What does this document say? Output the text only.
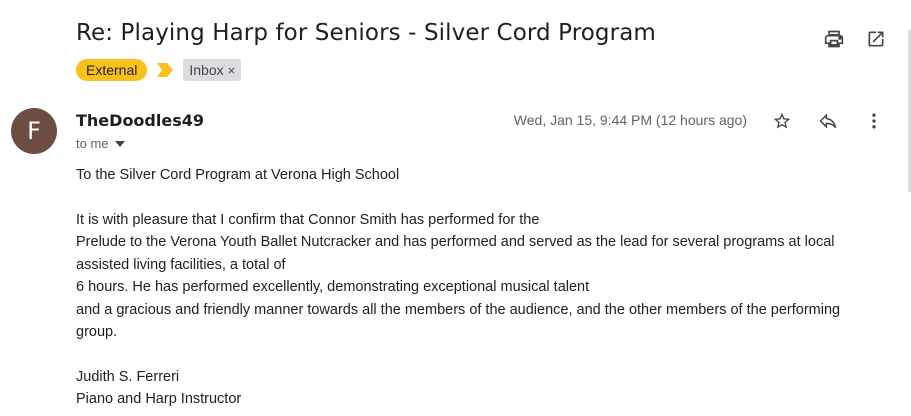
Re: Playing Harp for Seniors - Silver Cord Program
External	Inbox ×
F	TheDoodles49
to me
Wed, Jan 15, 9:44 PM (12 hours ago)

To the Silver Cord Program at Verona High School

It is with pleasure that I confirm that Connor Smith has performed for the

Prelude to the Verona Youth Ballet Nutcracker and has performed and served as the lead for several programs at local assisted living facilities, a total of

6 hours. He has performed excellently, demonstrating exceptional musical talent

and a gracious and friendly manner towards all the members of the audience, and the other members of the performing group.

Judith S. Ferreri

Piano and Harp Instructor
